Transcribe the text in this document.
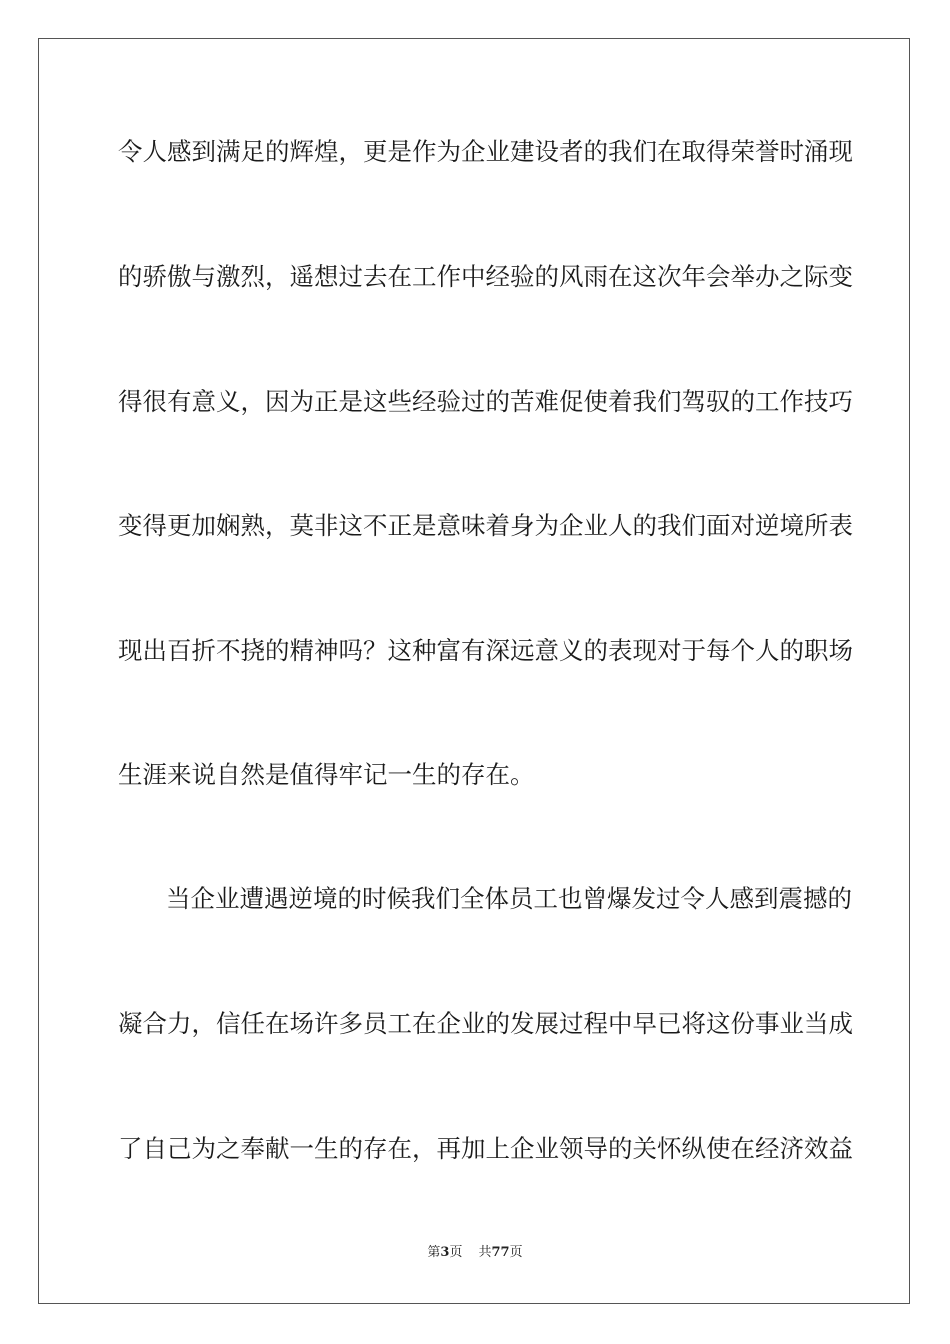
令人感到满足的辉煌，更是作为企业建设者的我们在取得荣誉时涌现
的骄傲与激烈，遥想过去在工作中经验的风雨在这次年会举办之际变
得很有意义，因为正是这些经验过的苦难促使着我们驾驭的工作技巧
变得更加娴熟，莫非这不正是意味着身为企业人的我们面对逆境所表
现出百折不挠的精神吗？这种富有深远意义的表现对于每个人的职场
生涯来说自然是值得牢记一生的存在。
当企业遭遇逆境的时候我们全体员工也曾爆发过令人感到震撼的
凝合力，信任在场许多员工在企业的发展过程中早已将这份事业当成
了自己为之奉献一生的存在，再加上企业领导的关怀纵使在经济效益
第3页 共77页
